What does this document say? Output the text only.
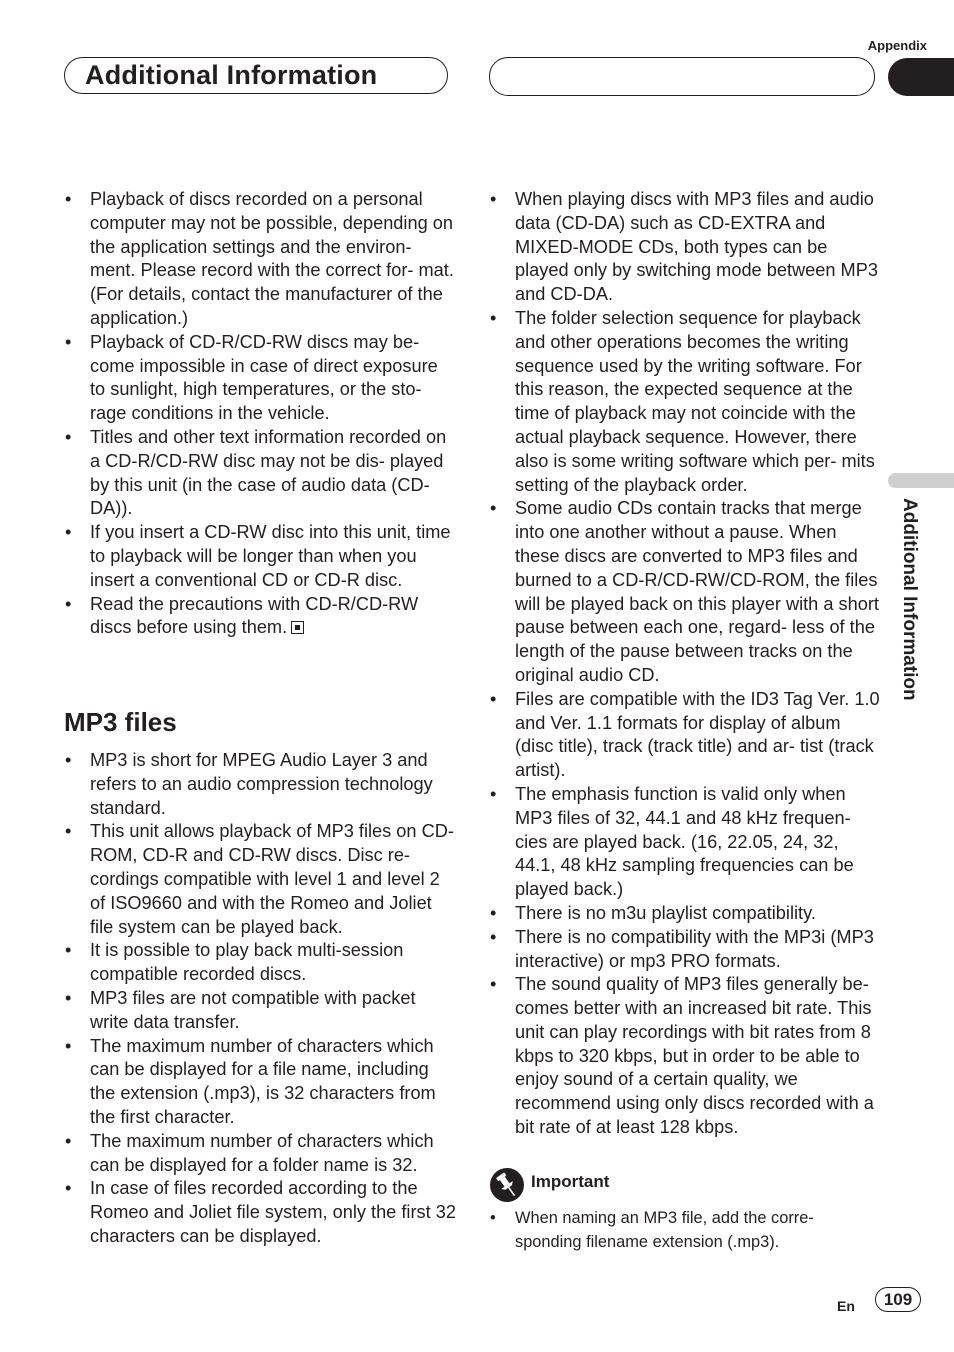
Appendix
Additional Information
Additional Information
• Playback of discs recorded on a personal computer may not be possible, depending on the application settings and the environ- ment. Please record with the correct for- mat. (For details, contact the manufacturer of the application.)
• Playback of CD-R/CD-RW discs may be- come impossible in case of direct exposure to sunlight, high temperatures, or the sto- rage conditions in the vehicle.
• Titles and other text information recorded on a CD-R/CD-RW disc may not be dis- played by this unit (in the case of audio data (CD-DA)).
• If you insert a CD-RW disc into this unit, time to playback will be longer than when you insert a conventional CD or CD-R disc.
• Read the precautions with CD-R/CD-RW discs before using them.
MP3 files
• MP3 is short for MPEG Audio Layer 3 and refers to an audio compression technology standard.
• This unit allows playback of MP3 files on CD-ROM, CD-R and CD-RW discs. Disc re- cordings compatible with level 1 and level 2 of ISO9660 and with the Romeo and Joliet file system can be played back.
• It is possible to play back multi-session compatible recorded discs.
• MP3 files are not compatible with packet write data transfer.
• The maximum number of characters which can be displayed for a file name, including the extension (.mp3), is 32 characters from the first character.
• The maximum number of characters which can be displayed for a folder name is 32.
• In case of files recorded according to the Romeo and Joliet file system, only the first 32 characters can be displayed.
• When playing discs with MP3 files and audio data (CD-DA) such as CD-EXTRA and MIXED-MODE CDs, both types can be played only by switching mode between MP3 and CD-DA.
• The folder selection sequence for playback and other operations becomes the writing sequence used by the writing software. For this reason, the expected sequence at the time of playback may not coincide with the actual playback sequence. However, there also is some writing software which per- mits setting of the playback order.
• Some audio CDs contain tracks that merge into one another without a pause. When these discs are converted to MP3 files and burned to a CD-R/CD-RW/CD-ROM, the files will be played back on this player with a short pause between each one, regard- less of the length of the pause between tracks on the original audio CD.
• Files are compatible with the ID3 Tag Ver. 1.0 and Ver. 1.1 formats for display of album (disc title), track (track title) and ar- tist (track artist).
• The emphasis function is valid only when MP3 files of 32, 44.1 and 48 kHz frequen- cies are played back. (16, 22.05, 24, 32, 44.1, 48 kHz sampling frequencies can be played back.)
• There is no m3u playlist compatibility.
• There is no compatibility with the MP3i (MP3 interactive) or mp3 PRO formats.
• The sound quality of MP3 files generally be- comes better with an increased bit rate. This unit can play recordings with bit rates from 8 kbps to 320 kbps, but in order to be able to enjoy sound of a certain quality, we recommend using only discs recorded with a bit rate of at least 128 kbps.
Important
• When naming an MP3 file, add the corre- sponding filename extension (.mp3).
En	109
